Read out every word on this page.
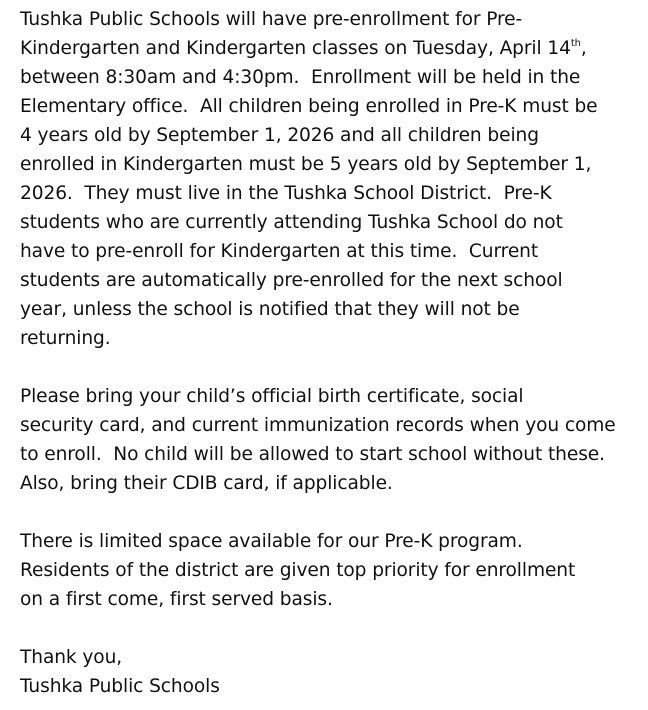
Tushka Public Schools will have pre-enrollment for Pre-
Kindergarten and Kindergarten classes on Tuesday, April 14th,
between 8:30am and 4:30pm.  Enrollment will be held in the
Elementary office.  All children being enrolled in Pre-K must be
4 years old by September 1, 2026 and all children being
enrolled in Kindergarten must be 5 years old by September 1,
2026.  They must live in the Tushka School District.  Pre-K
students who are currently attending Tushka School do not
have to pre-enroll for Kindergarten at this time.  Current
students are automatically pre-enrolled for the next school
year, unless the school is notified that they will not be
returning.
Please bring your child’s official birth certificate, social
security card, and current immunization records when you come
to enroll.  No child will be allowed to start school without these.
Also, bring their CDIB card, if applicable.
There is limited space available for our Pre-K program.
Residents of the district are given top priority for enrollment
on a first come, first served basis.
Thank you,
Tushka Public Schools
